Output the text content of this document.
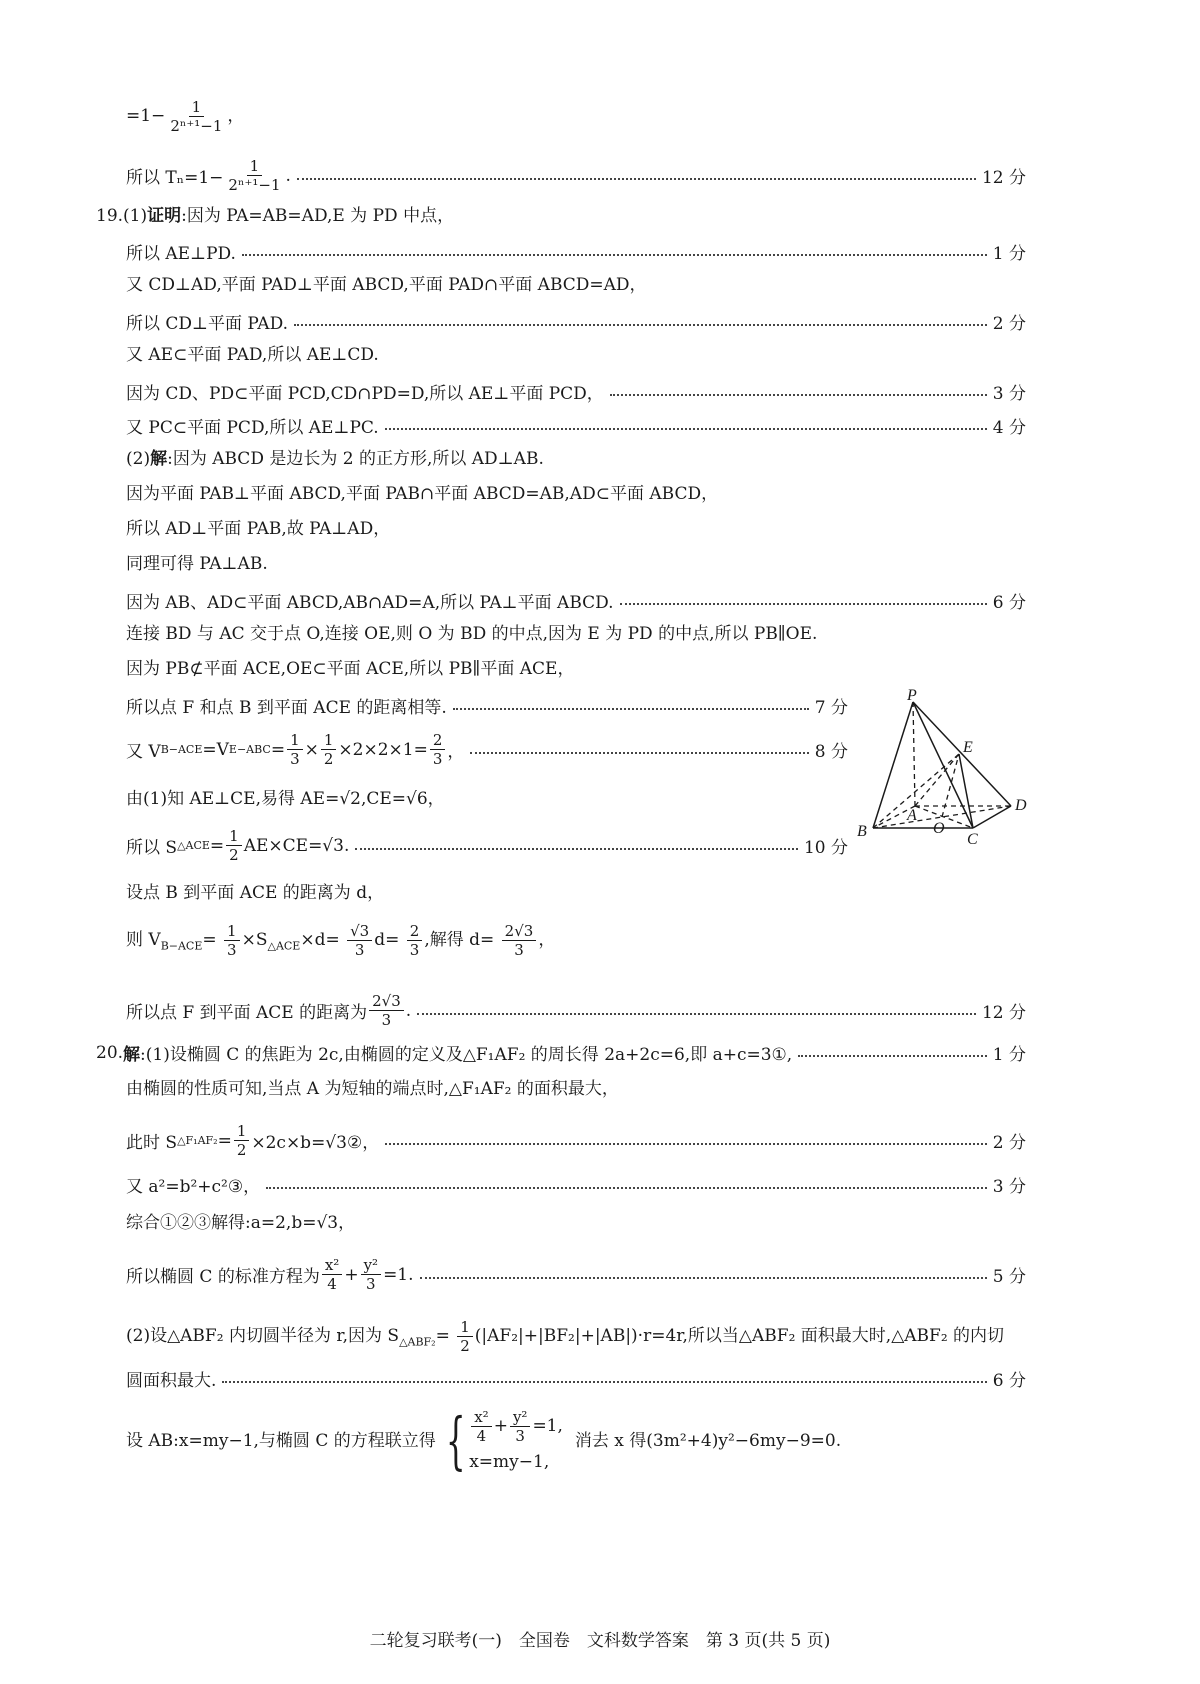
$=1- \frac{1}{\text{2ⁿ⁺¹−1}}$ ，
所以 $T_n=1- \frac{1}{\text{2ⁿ⁺¹−1}}$ .	12 分
19.(1)证明:因为 PA=AB=AD,E 为 PD 中点，
所以 AE⊥PD.	1 分
又 CD⊥AD,平面 PAD⊥平面 ABCD,平面 PAD∩平面 ABCD=AD，
所以 CD⊥平面 PAD.	2 分
又 AE⊂平面 PAD,所以 AE⊥CD.
因为 CD、PD⊂平面 PCD,CD∩PD=D,所以 AE⊥平面 PCD，	3 分
又 PC⊂平面 PCD,所以 AE⊥PC.	4 分
(2)解:因为 ABCD 是边长为 2 的正方形,所以 AD⊥AB.
因为平面 PAB⊥平面 ABCD,平面 PAB∩平面 ABCD=AB,AD⊂平面 ABCD，
所以 AD⊥平面 PAB,故 PA⊥AD，
同理可得 PA⊥AB.
因为 AB、AD⊂平面 ABCD,AB∩AD=A,所以 PA⊥平面 ABCD.	6 分
连接 BD 与 AC 交于点 O,连接 OE,则 O 为 BD 的中点,因为 E 为 PD 的中点,所以 PB∥OE.
因为 PB⊄平面 ACE,OE⊂平面 ACE,所以 PB∥平面 ACE，
所以点 F 和点 B 到平面 ACE 的距离相等.	7 分
又 V B−ACE =V $E-ABC = \frac{1}{3} \times \frac{1}{2} \times 2\times 2\times 1= \frac{2}{3}$ ，	8 分
由(1)知 AE⊥CE,易得 AE=√2,CE=√6，
所以 S △ACE = $\frac{1}{2} AE\times CE=√3$.	10 分
设点 B 到平面 ACE 的距离为 d，
则 $V_{B-ACE}= \frac{1}{3} \times S_{\triangle ACE}\times d= \frac{√3}{3} d= \frac{2}{3}$ ,解得 $d= \frac{2√3}{3}$ ，
所以点 F 到平面 ACE 的距离为 $\frac{2√3}{3}$ .	12 分
20. 解 :(1)设椭圆 C 的焦距为 2c,由椭圆的定义及△F₁AF₂ 的周长得 2a+2c=6,即 a+c=3①,	1 分
由椭圆的性质可知,当点 A 为短轴的端点时,△F₁AF₂ 的面积最大，
此时 S △F₁AF₂ = $\frac{1}{2}$ ×2c×b=√3②，	2 分
又 a²=b²+c²③，	3 分
综合①②③解得:a=2,b=√3，
所以椭圆 C 的标准方程为 $\frac{\text{x²}}{4} + \frac{\text{y²}}{3} =1$.	5 分
(2)设△ABF₂ 内切圆半径为 r,因为 $S_{\triangle ABF_2}= \frac{1}{2} (|AF_2|+|BF_2|+|AB|)\cdot r=4r$,所以当△ABF₂ 面积最大时,△ABF₂ 的内切
圆面积最大.	6 分
设 AB:x=my−1,与椭圆 C 的方程联立得 { $\frac{\text{x²}}{4} + \frac{\text{y²}}{3} =1$,
x=my−1,
消去 x 得(3m²+4)y²−6my−9=0.
P
E
A
O
D
B	C
二轮复习联考(一)　全国卷　文科数学答案　第 3 页(共 5 页)
